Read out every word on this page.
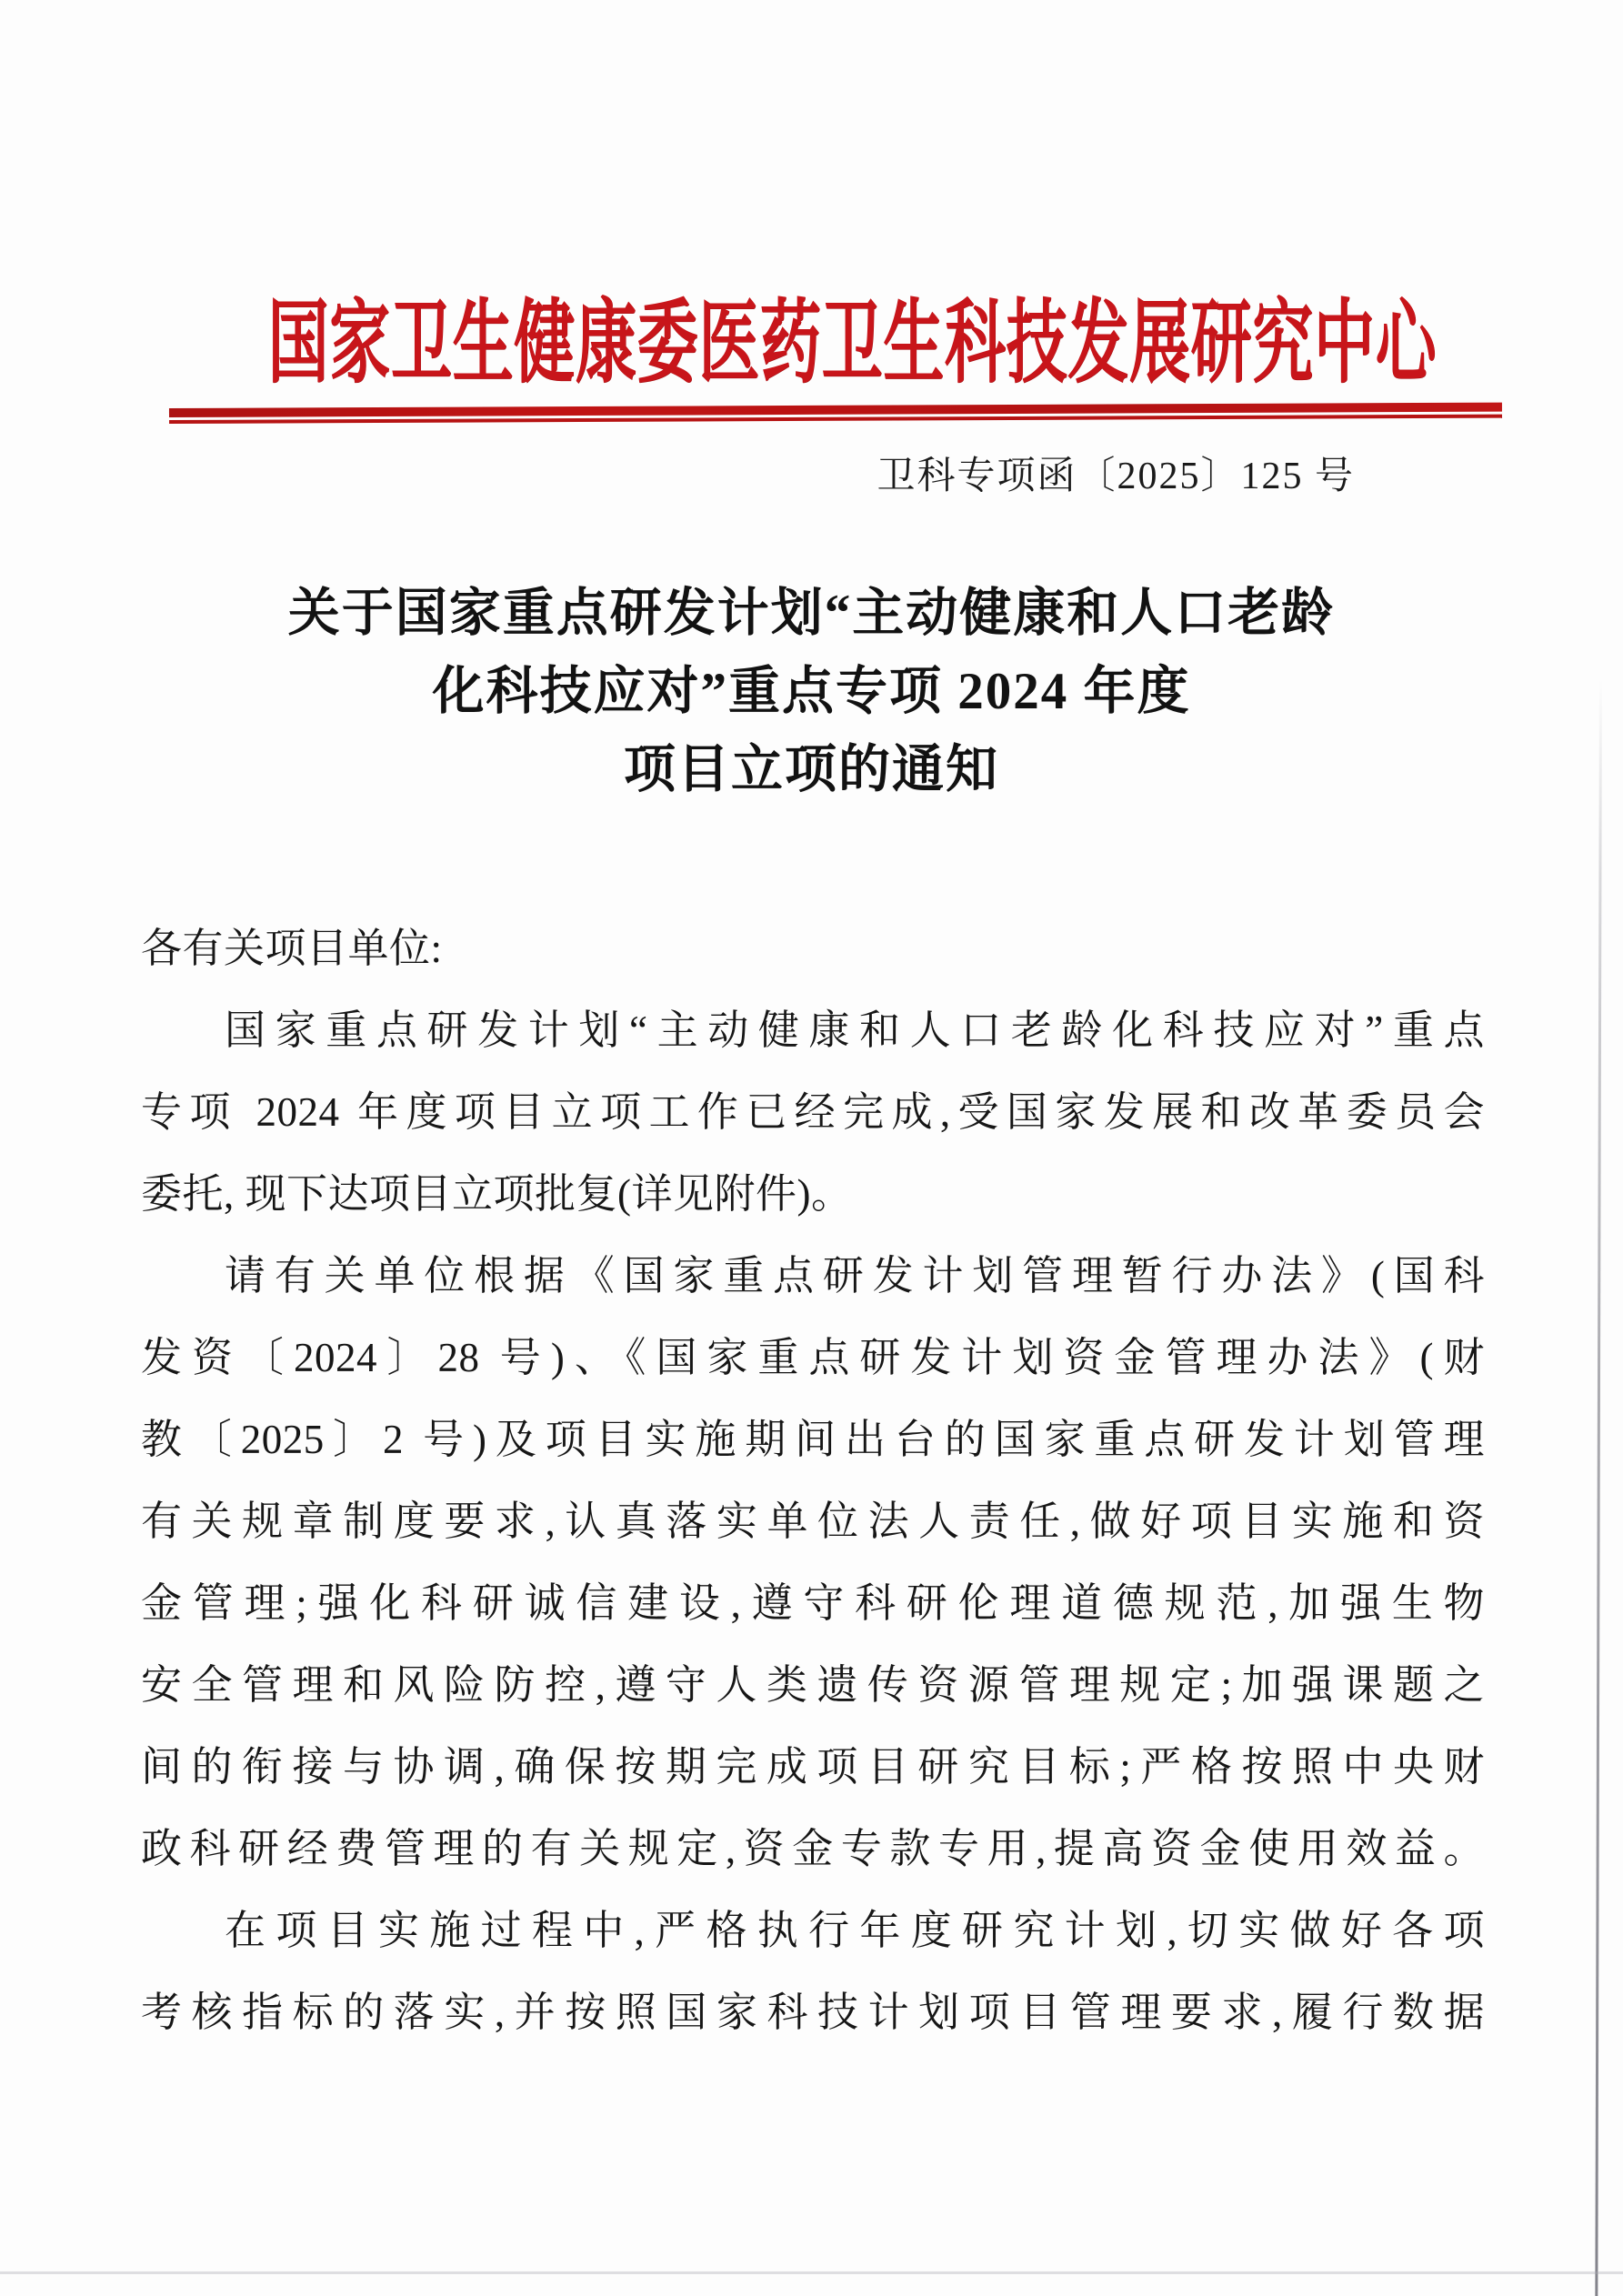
国家卫生健康委医药卫生科技发展研究中心
卫科专项函〔2025〕125 号
关于国家重点研发计划“主动健康和人口老龄
化科技应对”重点专项 2024 年度
项目立项的通知
各有关项目单位:
国家重点研发计划“主动健康和人口老龄化科技应对”重点
专项 2024 年度项目立项工作已经完成,受国家发展和改革委员会
委托, 现下达项目立项批复(详见附件)。
请有关单位根据《国家重点研发计划管理暂行办法》(国科
发资〔2024〕28 号)、《国家重点研发计划资金管理办法》(财
教〔2025〕2 号)及项目实施期间出台的国家重点研发计划管理
有关规章制度要求,认真落实单位法人责任,做好项目实施和资
金管理;强化科研诚信建设,遵守科研伦理道德规范,加强生物
安全管理和风险防控,遵守人类遗传资源管理规定;加强课题之
间的衔接与协调,确保按期完成项目研究目标;严格按照中央财
政科研经费管理的有关规定,资金专款专用,提高资金使用效益。
在项目实施过程中,严格执行年度研究计划,切实做好各项
考核指标的落实,并按照国家科技计划项目管理要求,履行数据
